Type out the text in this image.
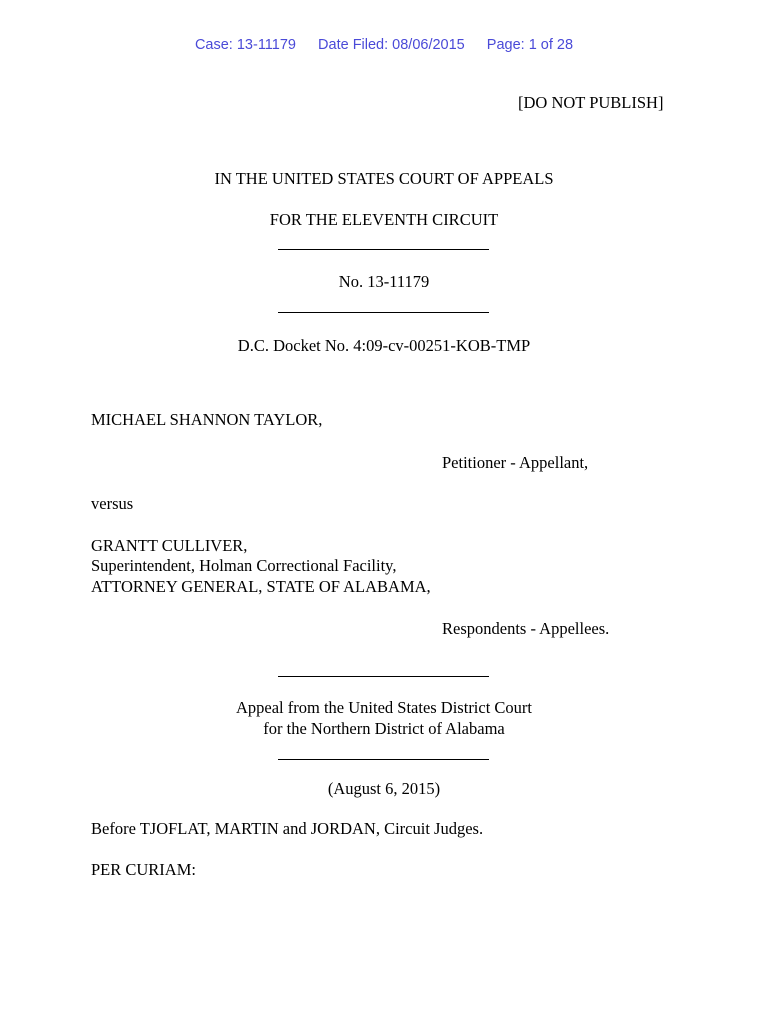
Case: 13-11179 Date Filed: 08/06/2015 Page: 1 of 28
[DO NOT PUBLISH]
IN THE UNITED STATES COURT OF APPEALS
FOR THE ELEVENTH CIRCUIT
No. 13-11179
D.C. Docket No. 4:09-cv-00251-KOB-TMP
MICHAEL SHANNON TAYLOR,
Petitioner - Appellant,
versus
GRANTT CULLIVER,
Superintendent, Holman Correctional Facility,
ATTORNEY GENERAL, STATE OF ALABAMA,
Respondents - Appellees.
Appeal from the United States District Court
for the Northern District of Alabama
(August 6, 2015)
Before TJOFLAT, MARTIN and JORDAN, Circuit Judges.
PER CURIAM:
